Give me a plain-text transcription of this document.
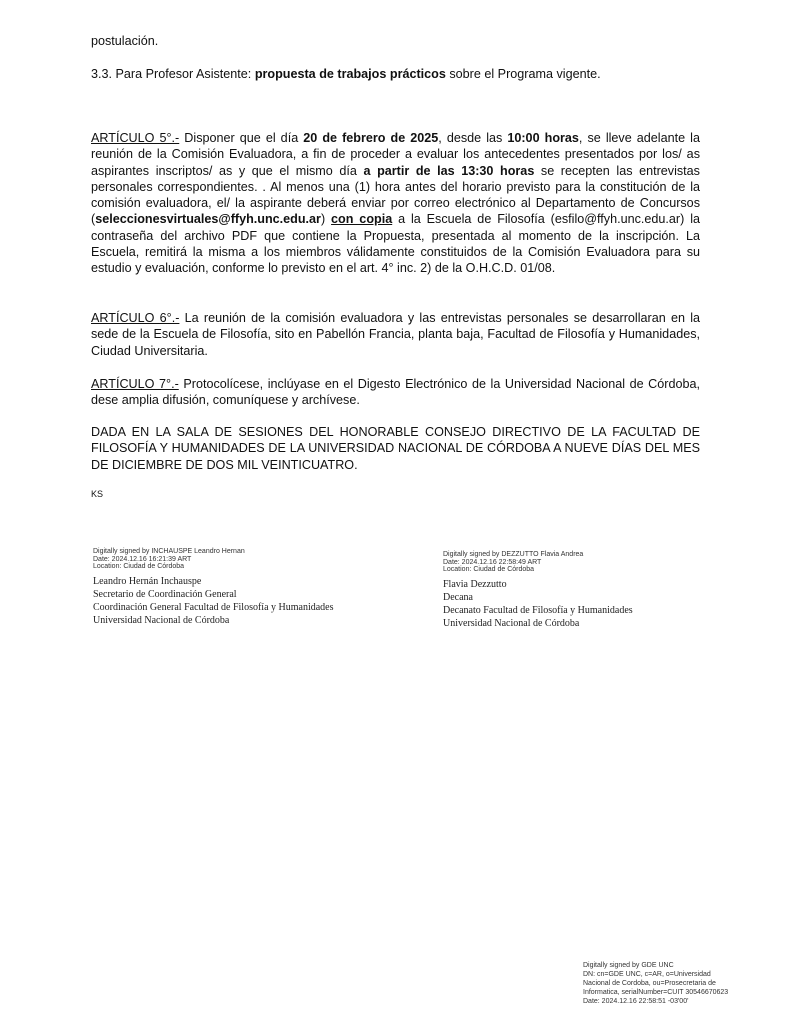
postulación.

3.3. Para Profesor Asistente: propuesta de trabajos prácticos sobre el Programa vigente.

ARTÍCULO 5°.- Disponer que el día 20 de febrero de 2025, desde las 10:00 horas, se lleve adelante la reunión de la Comisión Evaluadora, a fin de proceder a evaluar los antecedentes presentados por los/ as aspirantes inscriptos/ as y que el mismo día a partir de las 13:30 horas se recepten las entrevistas personales correspondientes. . Al menos una (1) hora antes del horario previsto para la constitución de la comisión evaluadora, el/ la aspirante deberá enviar por correo electrónico al Departamento de Concursos (seleccionesvirtuales@ffyh.unc.edu.ar) con copia a la Escuela de Filosofía (esfilo@ffyh.unc.edu.ar) la contraseña del archivo PDF que contiene la Propuesta, presentada al momento de la inscripción. La Escuela, remitirá la misma a los miembros válidamente constituidos de la Comisión Evaluadora para su estudio y evaluación, conforme lo previsto en el art. 4° inc. 2) de la O.H.C.D. 01/08.

ARTÍCULO 6°.- La reunión de la comisión evaluadora y las entrevistas personales se desarrollaran en la sede de la Escuela de Filosofía, sito en Pabellón Francia, planta baja, Facultad de Filosofía y Humanidades, Ciudad Universitaria.

ARTÍCULO 7°.- Protocolícese, inclúyase en el Digesto Electrónico de la Universidad Nacional de Córdoba, dese amplia difusión, comuníquese y archívese.

DADA EN LA SALA DE SESIONES DEL HONORABLE CONSEJO DIRECTIVO DE LA FACULTAD DE FILOSOFÍA Y HUMANIDADES DE LA UNIVERSIDAD NACIONAL DE CÓRDOBA A NUEVE DÍAS DEL MES DE DICIEMBRE DE DOS MIL VEINTICUATRO.

KS
Digitally signed by INCHAUSPE Leandro Hernan
Date: 2024.12.16 16:21:39 ART
Location: Ciudad de Córdoba
Leandro Hernán Inchauspe
Secretario de Coordinación General
Coordinación General Facultad de Filosofía y Humanidades
Universidad Nacional de Córdoba
Digitally signed by DEZZUTTO Flavia Andrea
Date: 2024.12.16 22:58:49 ART
Location: Ciudad de Córdoba
Flavia Dezzutto
Decana
Decanato Facultad de Filosofía y Humanidades
Universidad Nacional de Córdoba
Digitally signed by GDE UNC
DN: cn=GDE UNC, c=AR, o=Universidad
Nacional de Cordoba, ou=Prosecretaria de
Informatica, serialNumber=CUIT 30546670623
Date: 2024.12.16 22:58:51 -03'00'
